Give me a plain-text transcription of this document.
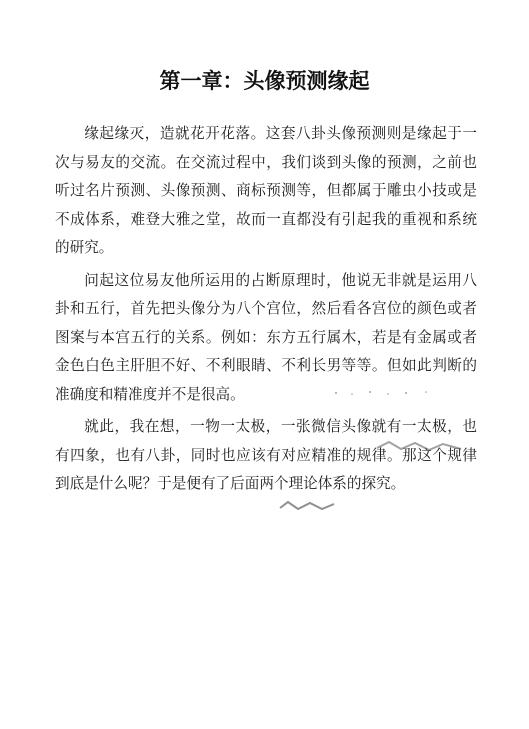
第一章：头像预测缘起

缘起缘灭，造就花开花落。这套八卦头像预测则是缘起于一次与易友的交流。在交流过程中，我们谈到头像的预测，之前也听过名片预测、头像预测、商标预测等，但都属于雕虫小技或是不成体系，难登大雅之堂，故而一直都没有引起我的重视和系统的研究。

问起这位易友他所运用的占断原理时，他说无非就是运用八卦和五行，首先把头像分为八个宫位，然后看各宫位的颜色或者图案与本宫五行的关系。例如：东方五行属木，若是有金属或者金色白色主肝胆不好、不利眼睛、不利长男等等。但如此判断的准确度和精准度并不是很高。

就此，我在想，一物一太极，一张微信头像就有一太极，也有四象，也有八卦，同时也应该有对应精准的规律。那这个规律到底是什么呢？于是便有了后面两个理论体系的探究。
